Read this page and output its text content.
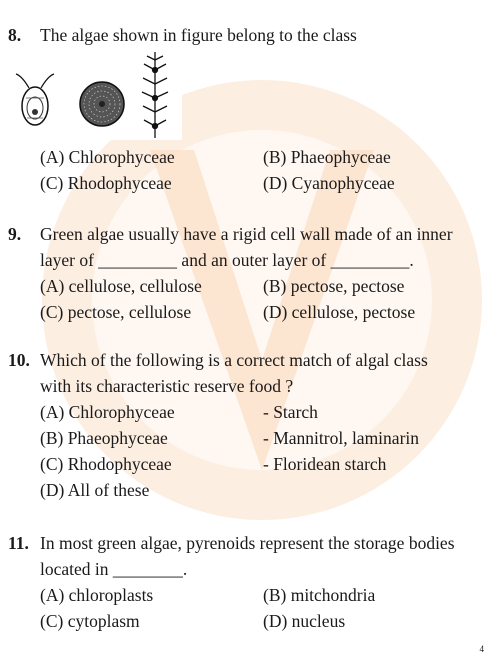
8. The algae shown in figure belong to the class
(A) Chlorophyceae	(B) Phaeophyceae
(C) Rhodophyceae	(D) Cyanophyceae
9. Green algae usually have a rigid cell wall made of an inner
layer of _________ and an outer layer of _________.
(A) cellulose, cellulose	(B) pectose, pectose
(C) pectose, cellulose	(D) cellulose, pectose
10. Which of the following is a correct match of algal class
with its characteristic reserve food ?
(A) Chlorophyceae	- Starch
(B) Phaeophyceae	- Mannitrol, laminarin
(C) Rhodophyceae	- Floridean starch
(D) All of these
11. In most green algae, pyrenoids represent the storage bodies
located in ________.
(A) chloroplasts	(B) mitchondria
(C) cytoplasm	(D) nucleus
4
